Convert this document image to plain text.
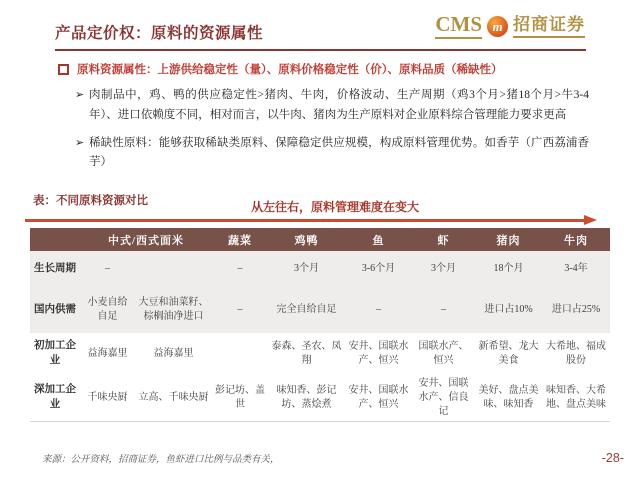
产品定价权：原料的资源属性	CMS m 招商证券
原料资源属性：上游供给稳定性（量）、原料价格稳定性（价）、原料品质（稀缺性）
➢ 肉制品中，鸡、鸭的供应稳定性>猪肉、牛肉，价格波动、生产周期（鸡3个月>猪18个月>牛3-4年）、进口依赖度不同，相对而言，以牛肉、猪肉为生产原料对企业原料综合管理能力要求更高
➢ 稀缺性原料：能够获取稀缺类原料、保障稳定供应规模，构成原料管理优势。如香芋（广西荔浦香芋）
表：不同原料资源对比	从左往右，原料管理难度在变大
	中式/西式面米		蔬菜	鸡鸭	鱼	虾	猪肉	牛肉
生长周期	–		–	3个月	3-6个月	3个月	18个月	3-4年
国内供需	小麦自给自足	大豆和油菜籽、棕榈油净进口	–	完全自给自足	–	–	进口占10%	进口占25%
初加工企业	益海嘉里	益海嘉里		泰森、圣农、凤翔	安井、国联水产、恒兴	国联水产、恒兴	新希望、龙大美食	大希地、福成股份
深加工企业	千味央厨	立高、千味央厨	彭记坊、盖世	味知香、彭记坊、蒸烩煮	安井、国联水产、恒兴	安井、国联水产、信良记	美好、盘点美味、味知香	味知香、大希地、盘点美味
来源：公开资料，招商证券，鱼虾进口比例与品类有关，	-28-
